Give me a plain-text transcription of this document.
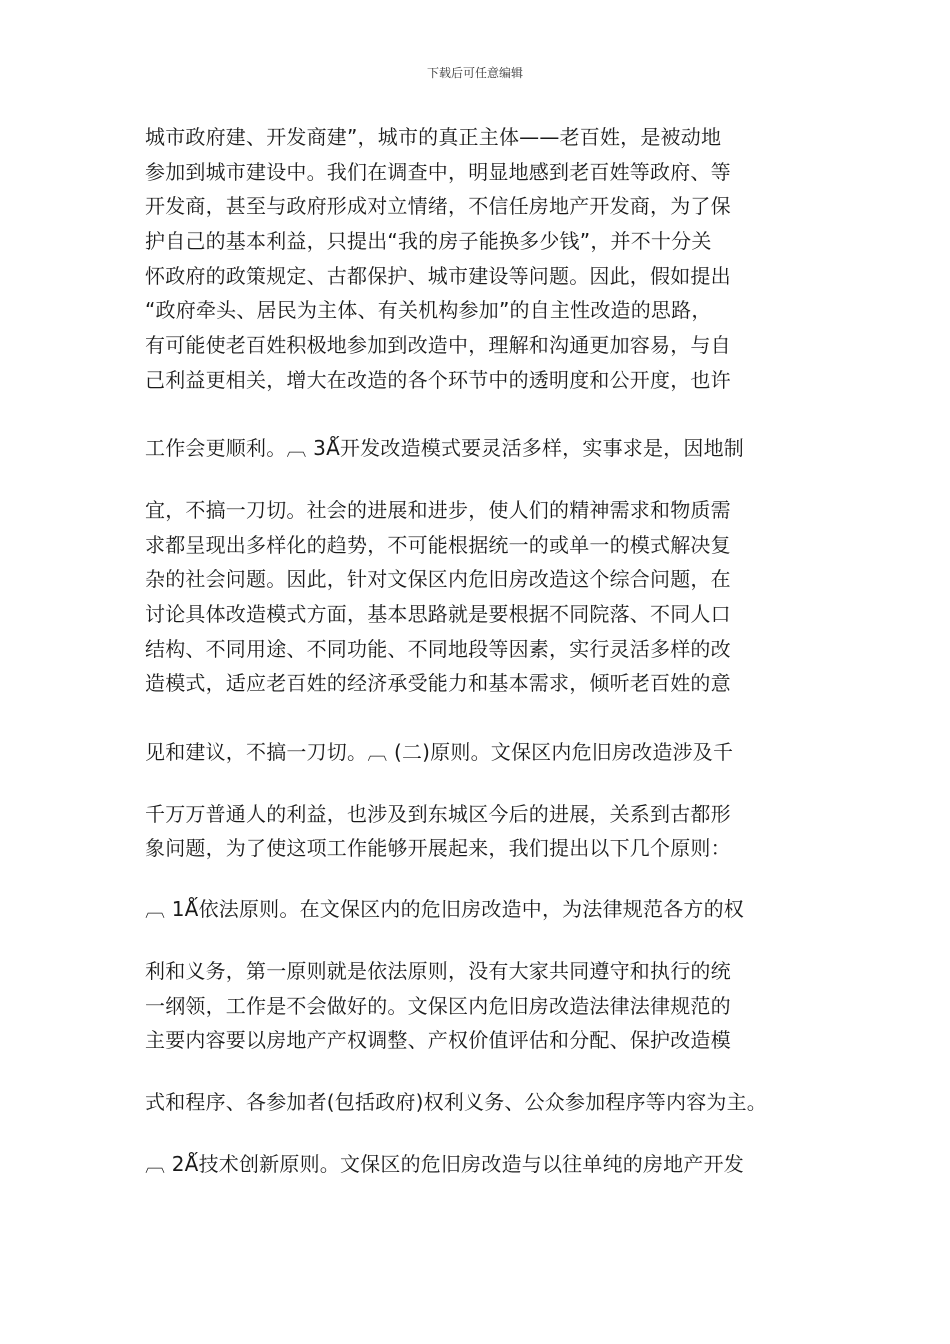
下载后可任意编辑
城市政府建、开发商建”，城市的真正主体——老百姓，是被动地
参加到城市建设中。我们在调查中，明显地感到老百姓等政府、等
开发商，甚至与政府形成对立情绪，不信任房地产开发商，为了保
护自己的基本利益，只提出“我的房子能换多少钱”，并不十分关
怀政府的政策规定、古都保护、城市建设等问题。因此，假如提出
“政府牵头、居民为主体、有关机构参加”的自主性改造的思路，
有可能使老百姓积极地参加到改造中，理解和沟通更加容易，与自
己利益更相关，增大在改造的各个环节中的透明度和公开度，也许
工作会更顺利。︹ 3Ǻ开发改造模式要灵活多样，实事求是，因地制
宜，不搞一刀切。社会的进展和进步，使人们的精神需求和物质需
求都呈现出多样化的趋势，不可能根据统一的或单一的模式解决复
杂的社会问题。因此，针对文保区内危旧房改造这个综合问题，在
讨论具体改造模式方面，基本思路就是要根据不同院落、不同人口
结构、不同用途、不同功能、不同地段等因素，实行灵活多样的改
造模式，适应老百姓的经济承受能力和基本需求，倾听老百姓的意
见和建议，不搞一刀切。︹ (二)原则。文保区内危旧房改造涉及千
千万万普通人的利益，也涉及到东城区今后的进展，关系到古都形
象问题，为了使这项工作能够开展起来，我们提出以下几个原则：
︹ 1Ǻ依法原则。在文保区内的危旧房改造中，为法律规范各方的权
利和义务，第一原则就是依法原则，没有大家共同遵守和执行的统
一纲领，工作是不会做好的。文保区内危旧房改造法律法律规范的
主要内容要以房地产产权调整、产权价值评估和分配、保护改造模
式和程序、各参加者(包括政府)权利义务、公众参加程序等内容为主。
︹ 2Ǻ技术创新原则。文保区的危旧房改造与以往单纯的房地产开发
